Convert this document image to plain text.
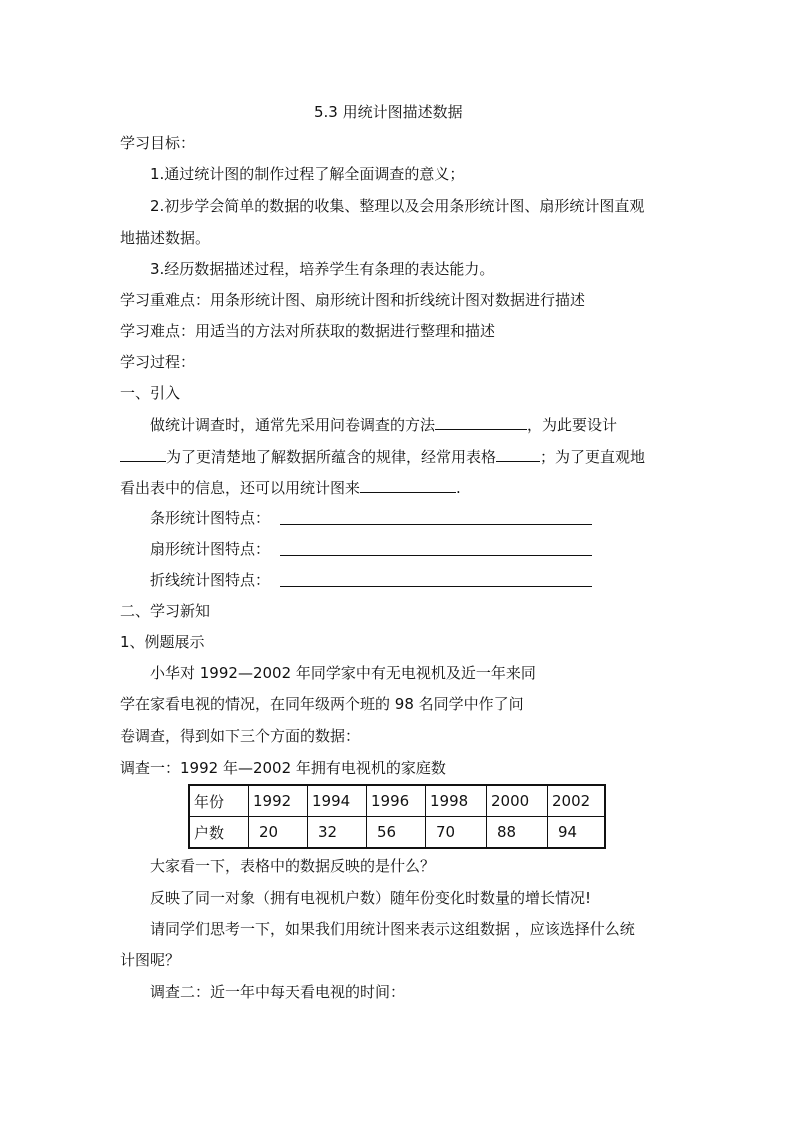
5.3 用统计图描述数据
学习目标：
1.通过统计图的制作过程了解全面调查的意义；
2.初步学会简单的数据的收集、整理以及会用条形统计图、扇形统计图直观
地描述数据。
3.经历数据描述过程，培养学生有条理的表达能力。
学习重难点：用条形统计图、扇形统计图和折线统计图对数据进行描述
学习难点：用适当的方法对所获取的数据进行整理和描述
学习过程：
一、引入
做统计调查时，通常先采用问卷调查的方法	，为此要设计
为了更清楚地了解数据所蕴含的规律，经常用表格	；为了更直观地
看出表中的信息，还可以用统计图来	.
条形统计图特点：
扇形统计图特点：
折线统计图特点：
二、学习新知
1、例题展示
小华对 1992—2002 年同学家中有无电视机及近一年来同
学在家看电视的情况，在同年级两个班的 98 名同学中作了问
卷调查，得到如下三个方面的数据：
调查一：1992 年—2002 年拥有电视机的家庭数
年份	1992	1994	1996	1998	2000	2002
户数	20	32	56	70	88	94
大家看一下，表格中的数据反映的是什么？
反映了同一对象（拥有电视机户数）随年份变化时数量的增长情况!
请同学们思考一下，如果我们用统计图来表示这组数据 ，应该选择什么统
计图呢？
调查二：近一年中每天看电视的时间：
